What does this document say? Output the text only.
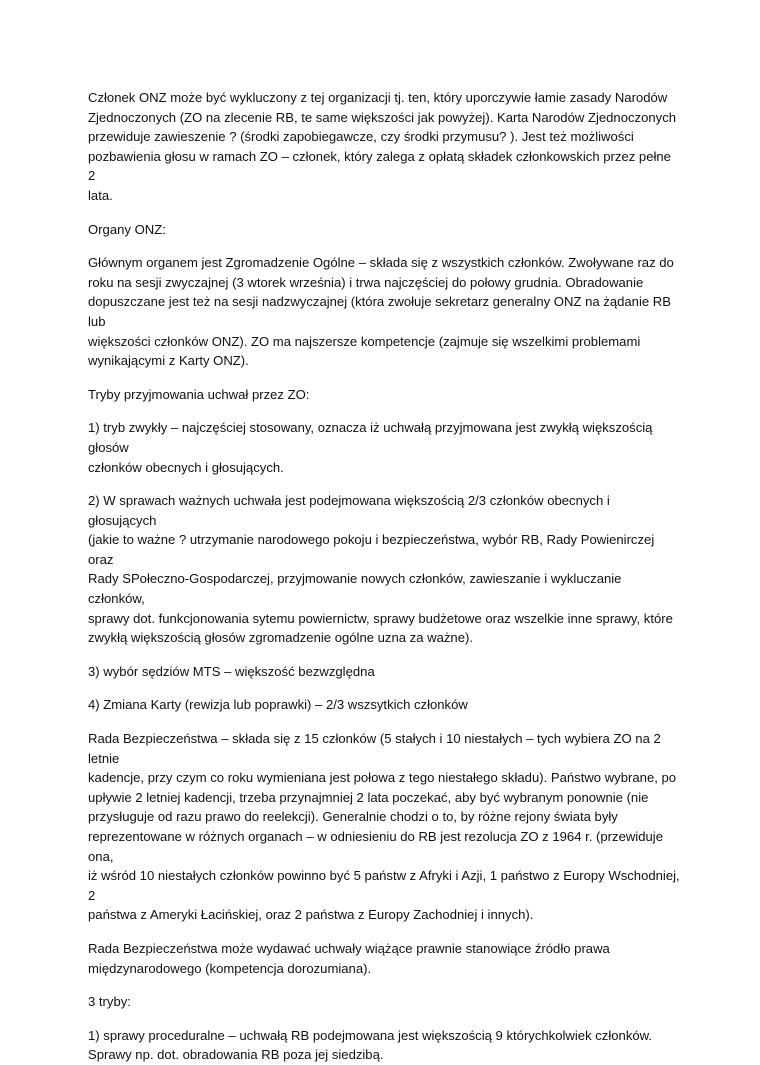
Członek ONZ może być wykluczony z tej organizacji tj. ten, który uporczywie łamie zasady Narodów
Zjednoczonych (ZO na zlecenie RB, te same większości jak powyżej). Karta Narodów Zjednoczonych
przewiduje zawieszenie ? (środki zapobiegawcze, czy środki przymusu? ). Jest też możliwości
pozbawienia głosu w ramach ZO – członek, który zalega z opłatą składek członkowskich przez pełne 2
lata.

Organy ONZ:

Głównym organem jest Zgromadzenie Ogólne – składa się z wszystkich członków. Zwoływane raz do
roku na sesji zwyczajnej (3 wtorek września) i trwa najczęściej do połowy grudnia. Obradowanie
dopuszczane jest też na sesji nadzwyczajnej (która zwołuje sekretarz generalny ONZ na żądanie RB lub
większości członków ONZ). ZO ma najszersze kompetencje (zajmuje się wszelkimi problemami
wynikającymi z Karty ONZ).

Tryby przyjmowania uchwał przez ZO:

1) tryb zwykły – najczęściej stosowany, oznacza iż uchwałą przyjmowana jest zwykłą większością głosów
członków obecnych i głosujących.

2) W sprawach ważnych uchwała jest podejmowana większością 2/3 członków obecnych i głosujących
(jakie to ważne ? utrzymanie narodowego pokoju i bezpieczeństwa, wybór RB, Rady Powienirczej oraz
Rady SPołeczno-Gospodarczej, przyjmowanie nowych członków, zawieszanie i wykluczanie członków,
sprawy dot. funkcjonowania sytemu powiernictw, sprawy budżetowe oraz wszelkie inne sprawy, które
zwykłą większością głosów zgromadzenie ogólne uzna za ważne).

3) wybór sędziów MTS – większość bezwzględna

4) Zmiana Karty (rewizja lub poprawki) – 2/3 wszsytkich członków

Rada Bezpieczeństwa – składa się z 15 członków (5 stałych i 10 niestałych – tych wybiera ZO na 2 letnie
kadencje, przy czym co roku wymieniana jest połowa z tego niestałego składu). Państwo wybrane, po
upływie 2 letniej kadencji, trzeba przynajmniej 2 lata poczekać, aby być wybranym ponownie (nie
przysługuje od razu prawo do reelekcji). Generalnie chodzi o to, by różne rejony świata były
reprezentowane w różnych organach – w odniesieniu do RB jest rezolucja ZO z 1964 r. (przewiduje ona,
iż wśród 10 niestałych członków powinno być 5 państw z Afryki i Azji, 1 państwo z Europy Wschodniej, 2
państwa z Ameryki Łacińskiej, oraz 2 państwa z Europy Zachodniej i innych).

Rada Bezpieczeństwa może wydawać uchwały wiążące prawnie stanowiące źródło prawa
międzynarodowego (kompetencja dorozumiana).

3 tryby:

1) sprawy proceduralne – uchwałą RB podejmowana jest większością 9 którychkolwiek członków.
Sprawy np. dot. obradowania RB poza jej siedzibą.
